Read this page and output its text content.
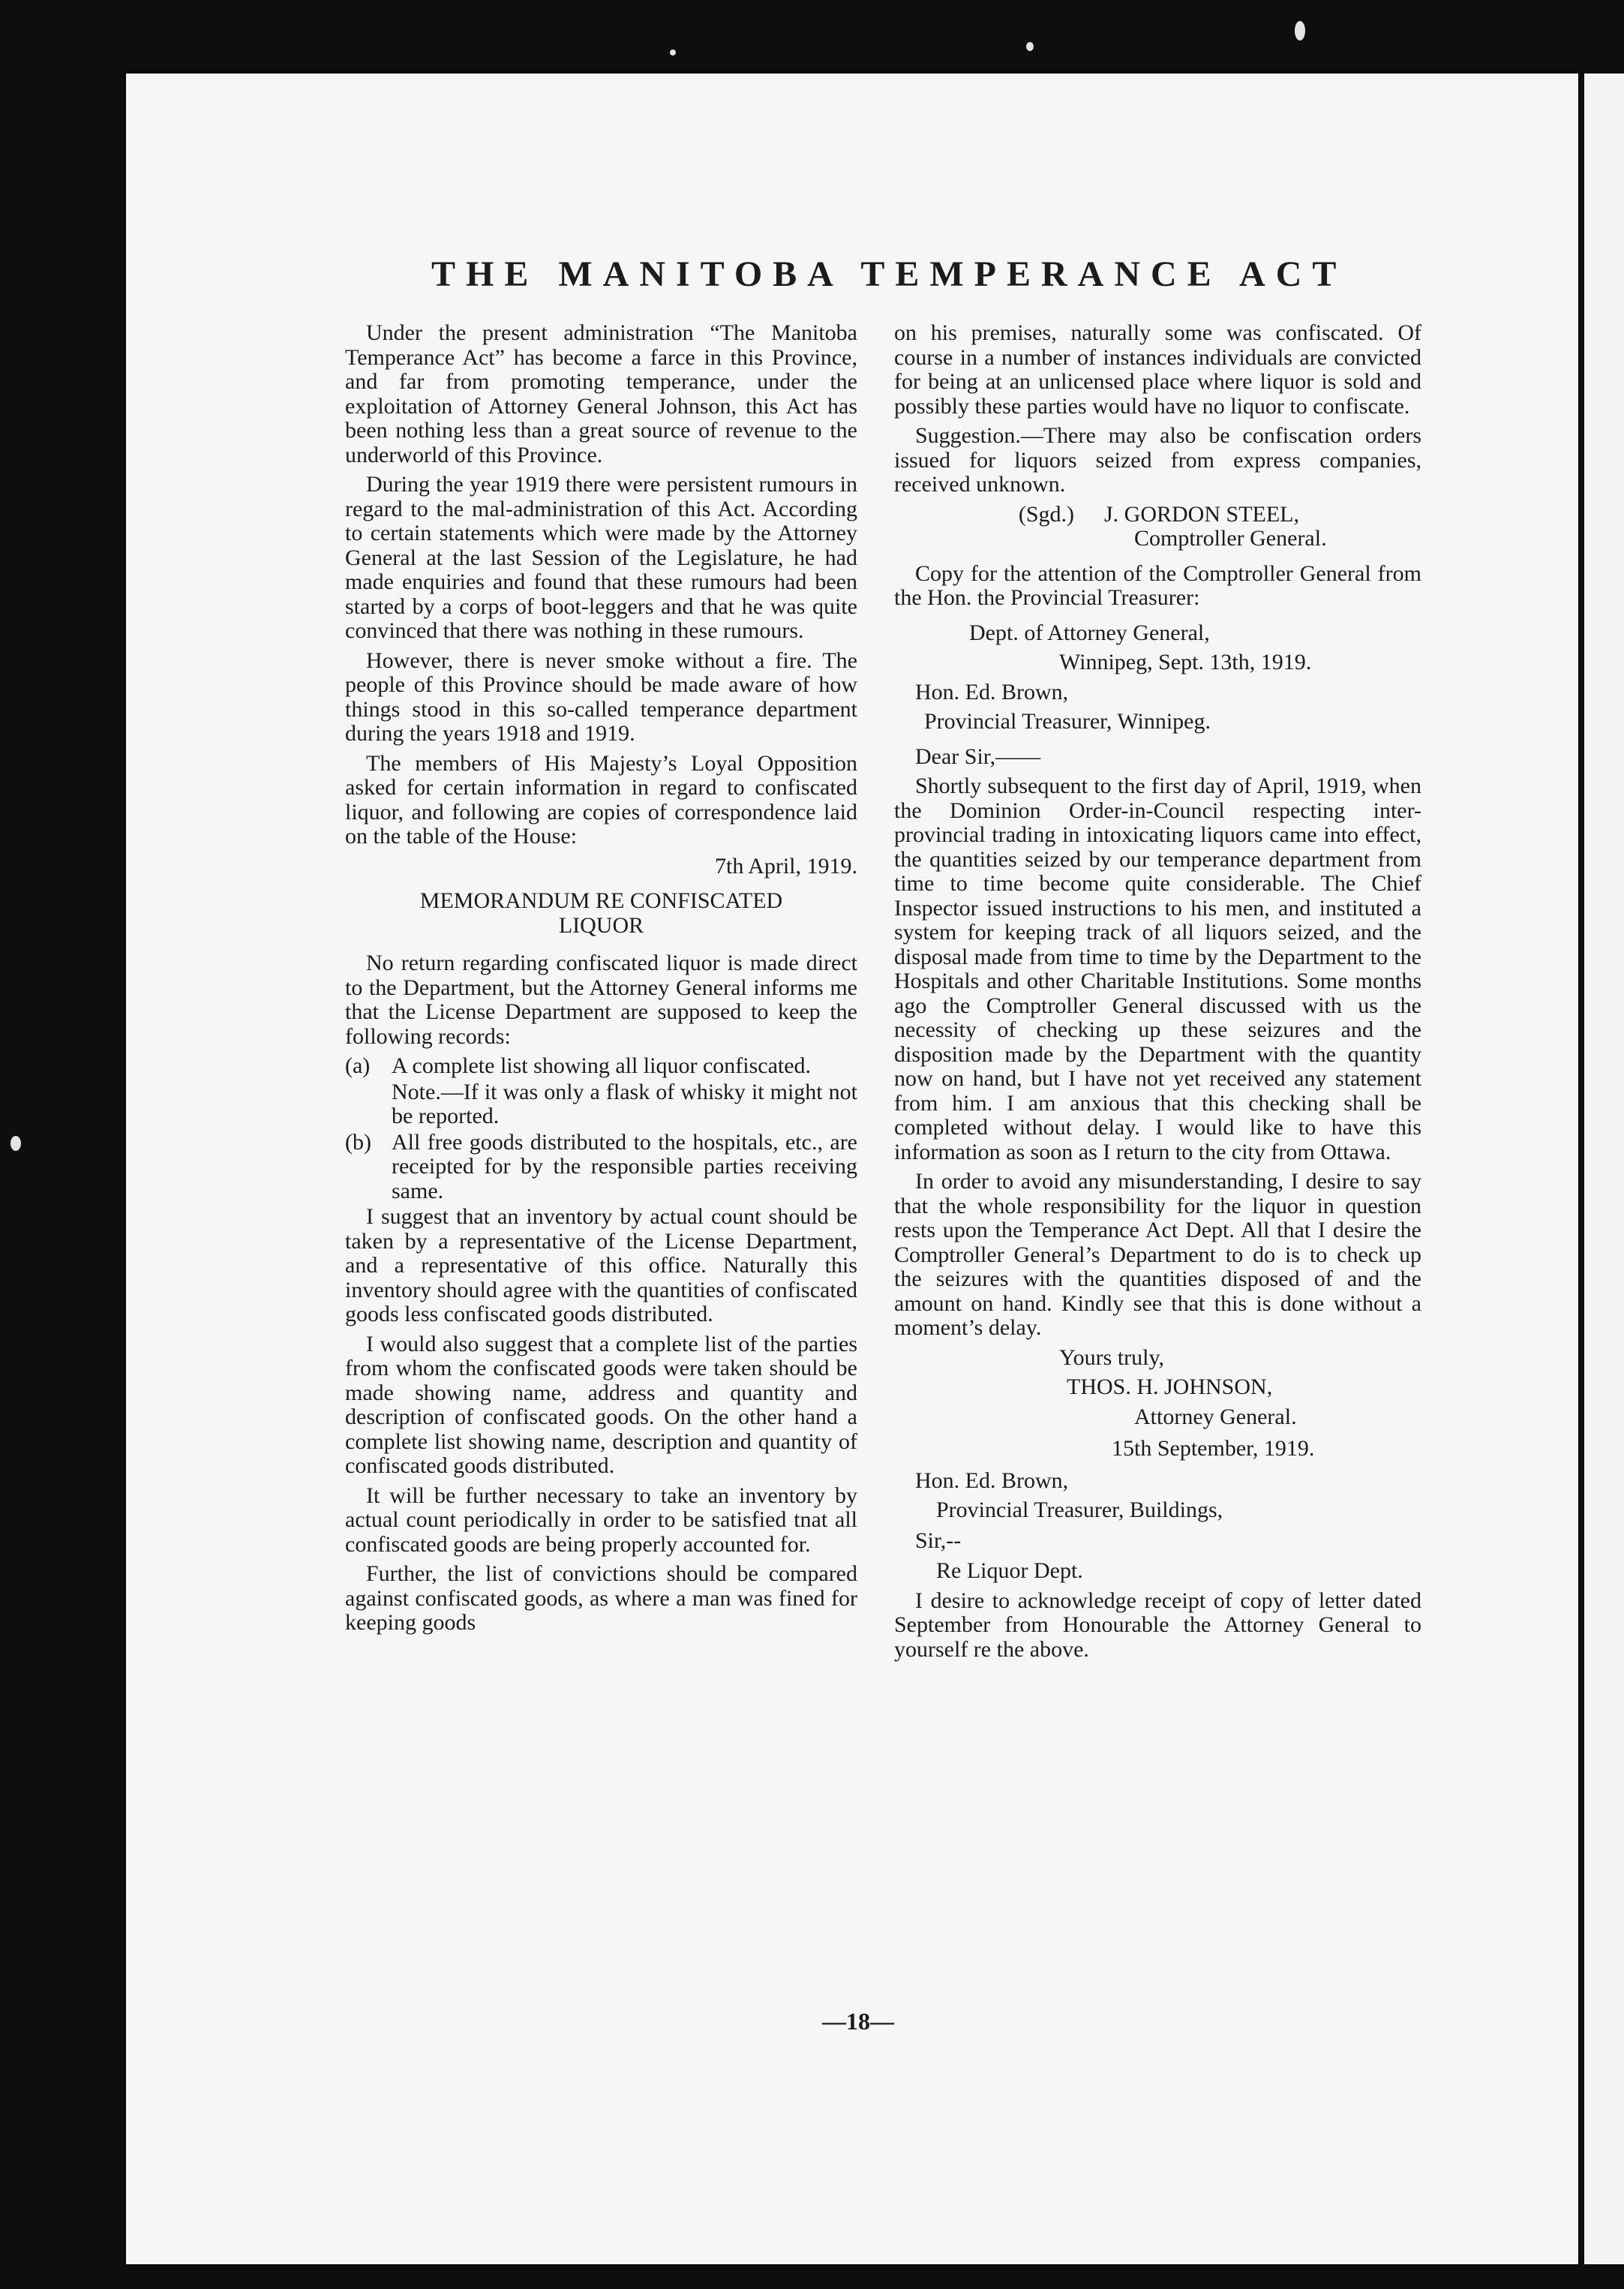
THE MANITOBA TEMPERANCE ACT

Under the present administration “The Manitoba Temperance Act” has become a farce in this Province, and far from promoting temperance, under the exploitation of Attorney General Johnson, this Act has been nothing less than a great source of revenue to the underworld of this Province.

During the year 1919 there were persistent rumours in regard to the mal-administration of this Act. According to certain statements which were made by the Attorney General at the last Session of the Legislature, he had made enquiries and found that these rumours had been started by a corps of boot-leggers and that he was quite convinced that there was nothing in these rumours.

However, there is never smoke without a fire. The people of this Province should be made aware of how things stood in this so-called temperance department during the years 1918 and 1919.

The members of His Majesty’s Loyal Opposition asked for certain information in regard to confiscated liquor, and following are copies of correspondence laid on the table of the House:

7th April, 1919.

MEMORANDUM RE CONFISCATED
LIQUOR

No return regarding confiscated liquor is made direct to the Department, but the Attorney General informs me that the License Department are supposed to keep the following records:

(a) A complete list showing all liquor confiscated.
Note.—If it was only a flask of whisky it might not be reported.
(b) All free goods distributed to the hospitals, etc., are receipted for by the responsible parties receiving same.

I suggest that an inventory by actual count should be taken by a representative of the License Department, and a representative of this office. Naturally this inventory should agree with the quantities of confiscated goods less confiscated goods distributed.

I would also suggest that a complete list of the parties from whom the confiscated goods were taken should be made showing name, address and quantity and description of confiscated goods. On the other hand a complete list showing name, description and quantity of confiscated goods distributed.

It will be further necessary to take an inventory by actual count periodically in order to be satisfied tnat all confiscated goods are being properly accounted for.

Further, the list of convictions should be compared against confiscated goods, as where a man was fined for keeping goods

on his premises, naturally some was confiscated. Of course in a number of instances individuals are convicted for being at an unlicensed place where liquor is sold and possibly these parties would have no liquor to confiscate.

Suggestion.—There may also be confiscation orders issued for liquors seized from express companies, received unknown.

(Sgd.)	J. GORDON STEEL,

Comptroller General.

Copy for the attention of the Comptroller General from the Hon. the Provincial Treasurer:

Dept. of Attorney General,

Winnipeg, Sept. 13th, 1919.

Hon. Ed. Brown,

Provincial Treasurer, Winnipeg.

Dear Sir,——

Shortly subsequent to the first day of April, 1919, when the Dominion Order-in-Council respecting inter-provincial trading in intoxicating liquors came into effect, the quantities seized by our temperance department from time to time become quite considerable. The Chief Inspector issued instructions to his men, and instituted a system for keeping track of all liquors seized, and the disposal made from time to time by the Department to the Hospitals and other Charitable Institutions. Some months ago the Comptroller General discussed with us the necessity of checking up these seizures and the disposition made by the Department with the quantity now on hand, but I have not yet received any statement from him. I am anxious that this checking shall be completed without delay. I would like to have this information as soon as I return to the city from Ottawa.

In order to avoid any misunderstanding, I desire to say that the whole responsibility for the liquor in question rests upon the Temperance Act Dept. All that I desire the Comptroller General’s Department to do is to check up the seizures with the quantities disposed of and the amount on hand. Kindly see that this is done without a moment’s delay.

Yours truly,

THOS. H. JOHNSON,

Attorney General.

15th September, 1919.

Hon. Ed. Brown,

Provincial Treasurer, Buildings,

Sir,--

Re Liquor Dept.

I desire to acknowledge receipt of copy of letter dated September from Honourable the Attorney General to yourself re the above.

—18—
